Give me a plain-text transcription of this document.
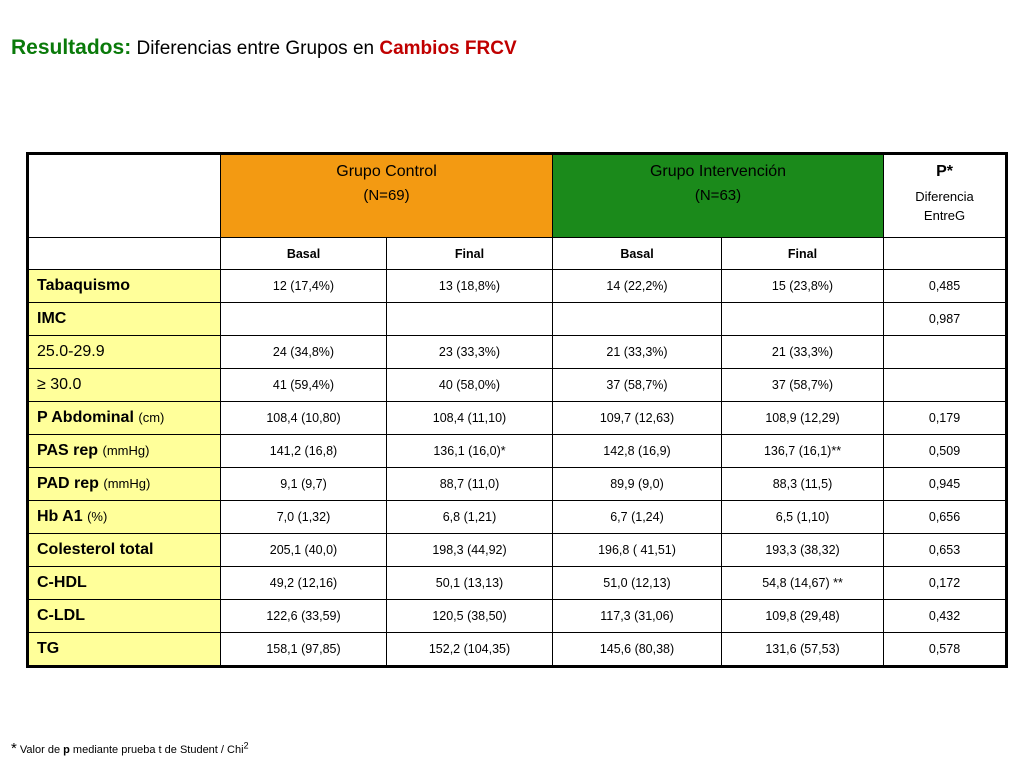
Resultados: Diferencias entre Grupos en Cambios FRCV

	Grupo Control
(N=69)		Grupo Intervención
(N=63)		P*
Diferencia
EntreG

	Basal	Final	Basal	Final	
Tabaquismo	12 (17,4%)	13 (18,8%)	14 (22,2%)	15 (23,8%)	0,485
IMC					0,987
25.0-29.9	24 (34,8%)	23 (33,3%)	21 (33,3%)	21 (33,3%)	
≥ 30.0	41 (59,4%)	40 (58,0%)	37 (58,7%)	37 (58,7%)	
P Abdominal (cm)	108,4 (10,80)	108,4 (11,10)	109,7 (12,63)	108,9 (12,29)	0,179
PAS rep (mmHg)	141,2 (16,8)	136,1 (16,0)*	142,8 (16,9)	136,7 (16,1)**	0,509
PAD rep (mmHg)	9,1 (9,7)	88,7 (11,0)	89,9 (9,0)	88,3 (11,5)	0,945
Hb A1 (%)	7,0 (1,32)	6,8 (1,21)	6,7 (1,24)	6,5 (1,10)	0,656
Colesterol total	205,1 (40,0)	198,3 (44,92)	196,8 ( 41,51)	193,3 (38,32)	0,653
C-HDL	49,2 (12,16)	50,1 (13,13)	51,0 (12,13)	54,8 (14,67) **	0,172
C-LDL	122,6 (33,59)	120,5 (38,50)	117,3 (31,06)	109,8 (29,48)	0,432
TG	158,1 (97,85)	152,2 (104,35)	145,6 (80,38)	131,6 (57,53)	0,578
* Valor de p mediante prueba t de Student / Chi$^2$
